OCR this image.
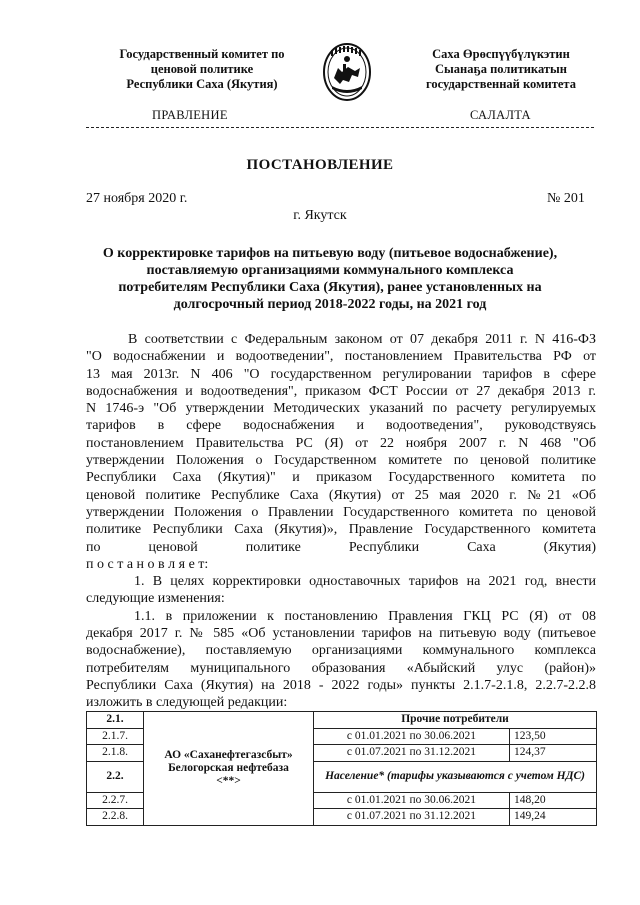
Государственный комитет по
ценовой политике
Республики Саха (Якутия)
Саха Өрөспүүбүлүкэтин
Сыанаҕа политикатын
государственнай комитета
ПРАВЛЕНИЕ	САЛАЛТА
ПОСТАНОВЛЕНИЕ
27 ноября 2020 г.	№ 201
г. Якутск
О корректировке тарифов на питьевую воду (питьевое водоснабжение),
поставляемую организациями коммунального комплекса
потребителям Республики Саха (Якутия), ранее установленных на
долгосрочный период 2018-2022 годы, на 2021 год
В соответствии с Федеральным законом от 07 декабря 2011 г. N 416-ФЗ
"О водоснабжении и водоотведении", постановлением Правительства РФ от
13 мая 2013г. N 406 "О государственном регулировании тарифов в сфере
водоснабжения и водоотведения", приказом ФСТ России от 27 декабря 2013 г.
N 1746-э "Об утверждении Методических указаний по расчету регулируемых
тарифов в сфере водоснабжения и водоотведения", руководствуясь
постановлением Правительства РС (Я) от 22 ноября 2007 г. N 468 "Об
утверждении Положения о Государственном комитете по ценовой политике
Республики Саха (Якутия)" и приказом Государственного комитета по
ценовой политике Республике Саха (Якутия) от 25 мая 2020 г. №21 «Об
утверждении Положения о Правлении Государственного комитета по ценовой
политике Республики Саха (Якутия)», Правление Государственного комитета
по ценовой политике Республики Саха (Якутия)
п о с т а н о в л я е т:
1. В целях корректировки одноставочных тарифов на 2021 год, внести
следующие изменения:
1.1. в приложении к постановлению Правления ГКЦ РС (Я) от 08
декабря 2017 г. № 585 «Об установлении тарифов на питьевую воду (питьевое
водоснабжение), поставляемую организациями коммунального комплекса
потребителям муниципального образования «Абыйский улус (район)»
Республики Саха (Якутия) на 2018 - 2022 годы» пункты 2.1.7-2.1.8, 2.2.7-2.2.8
изложить в следующей редакции:
2.1.	АО «Саханефтегазсбыт»
Белогорская нефтебаза
<**>	Прочие потребители	
2.1.7.		с 01.01.2021 по 30.06.2021	123,50
2.1.8.		с 01.07.2021 по 31.12.2021	124,37
2.2.		Население* (тарифы указываются с учетом НДС)	
2.2.7.		с 01.01.2021 по 30.06.2021	148,20
2.2.8.		с 01.07.2021 по 31.12.2021	149,24
